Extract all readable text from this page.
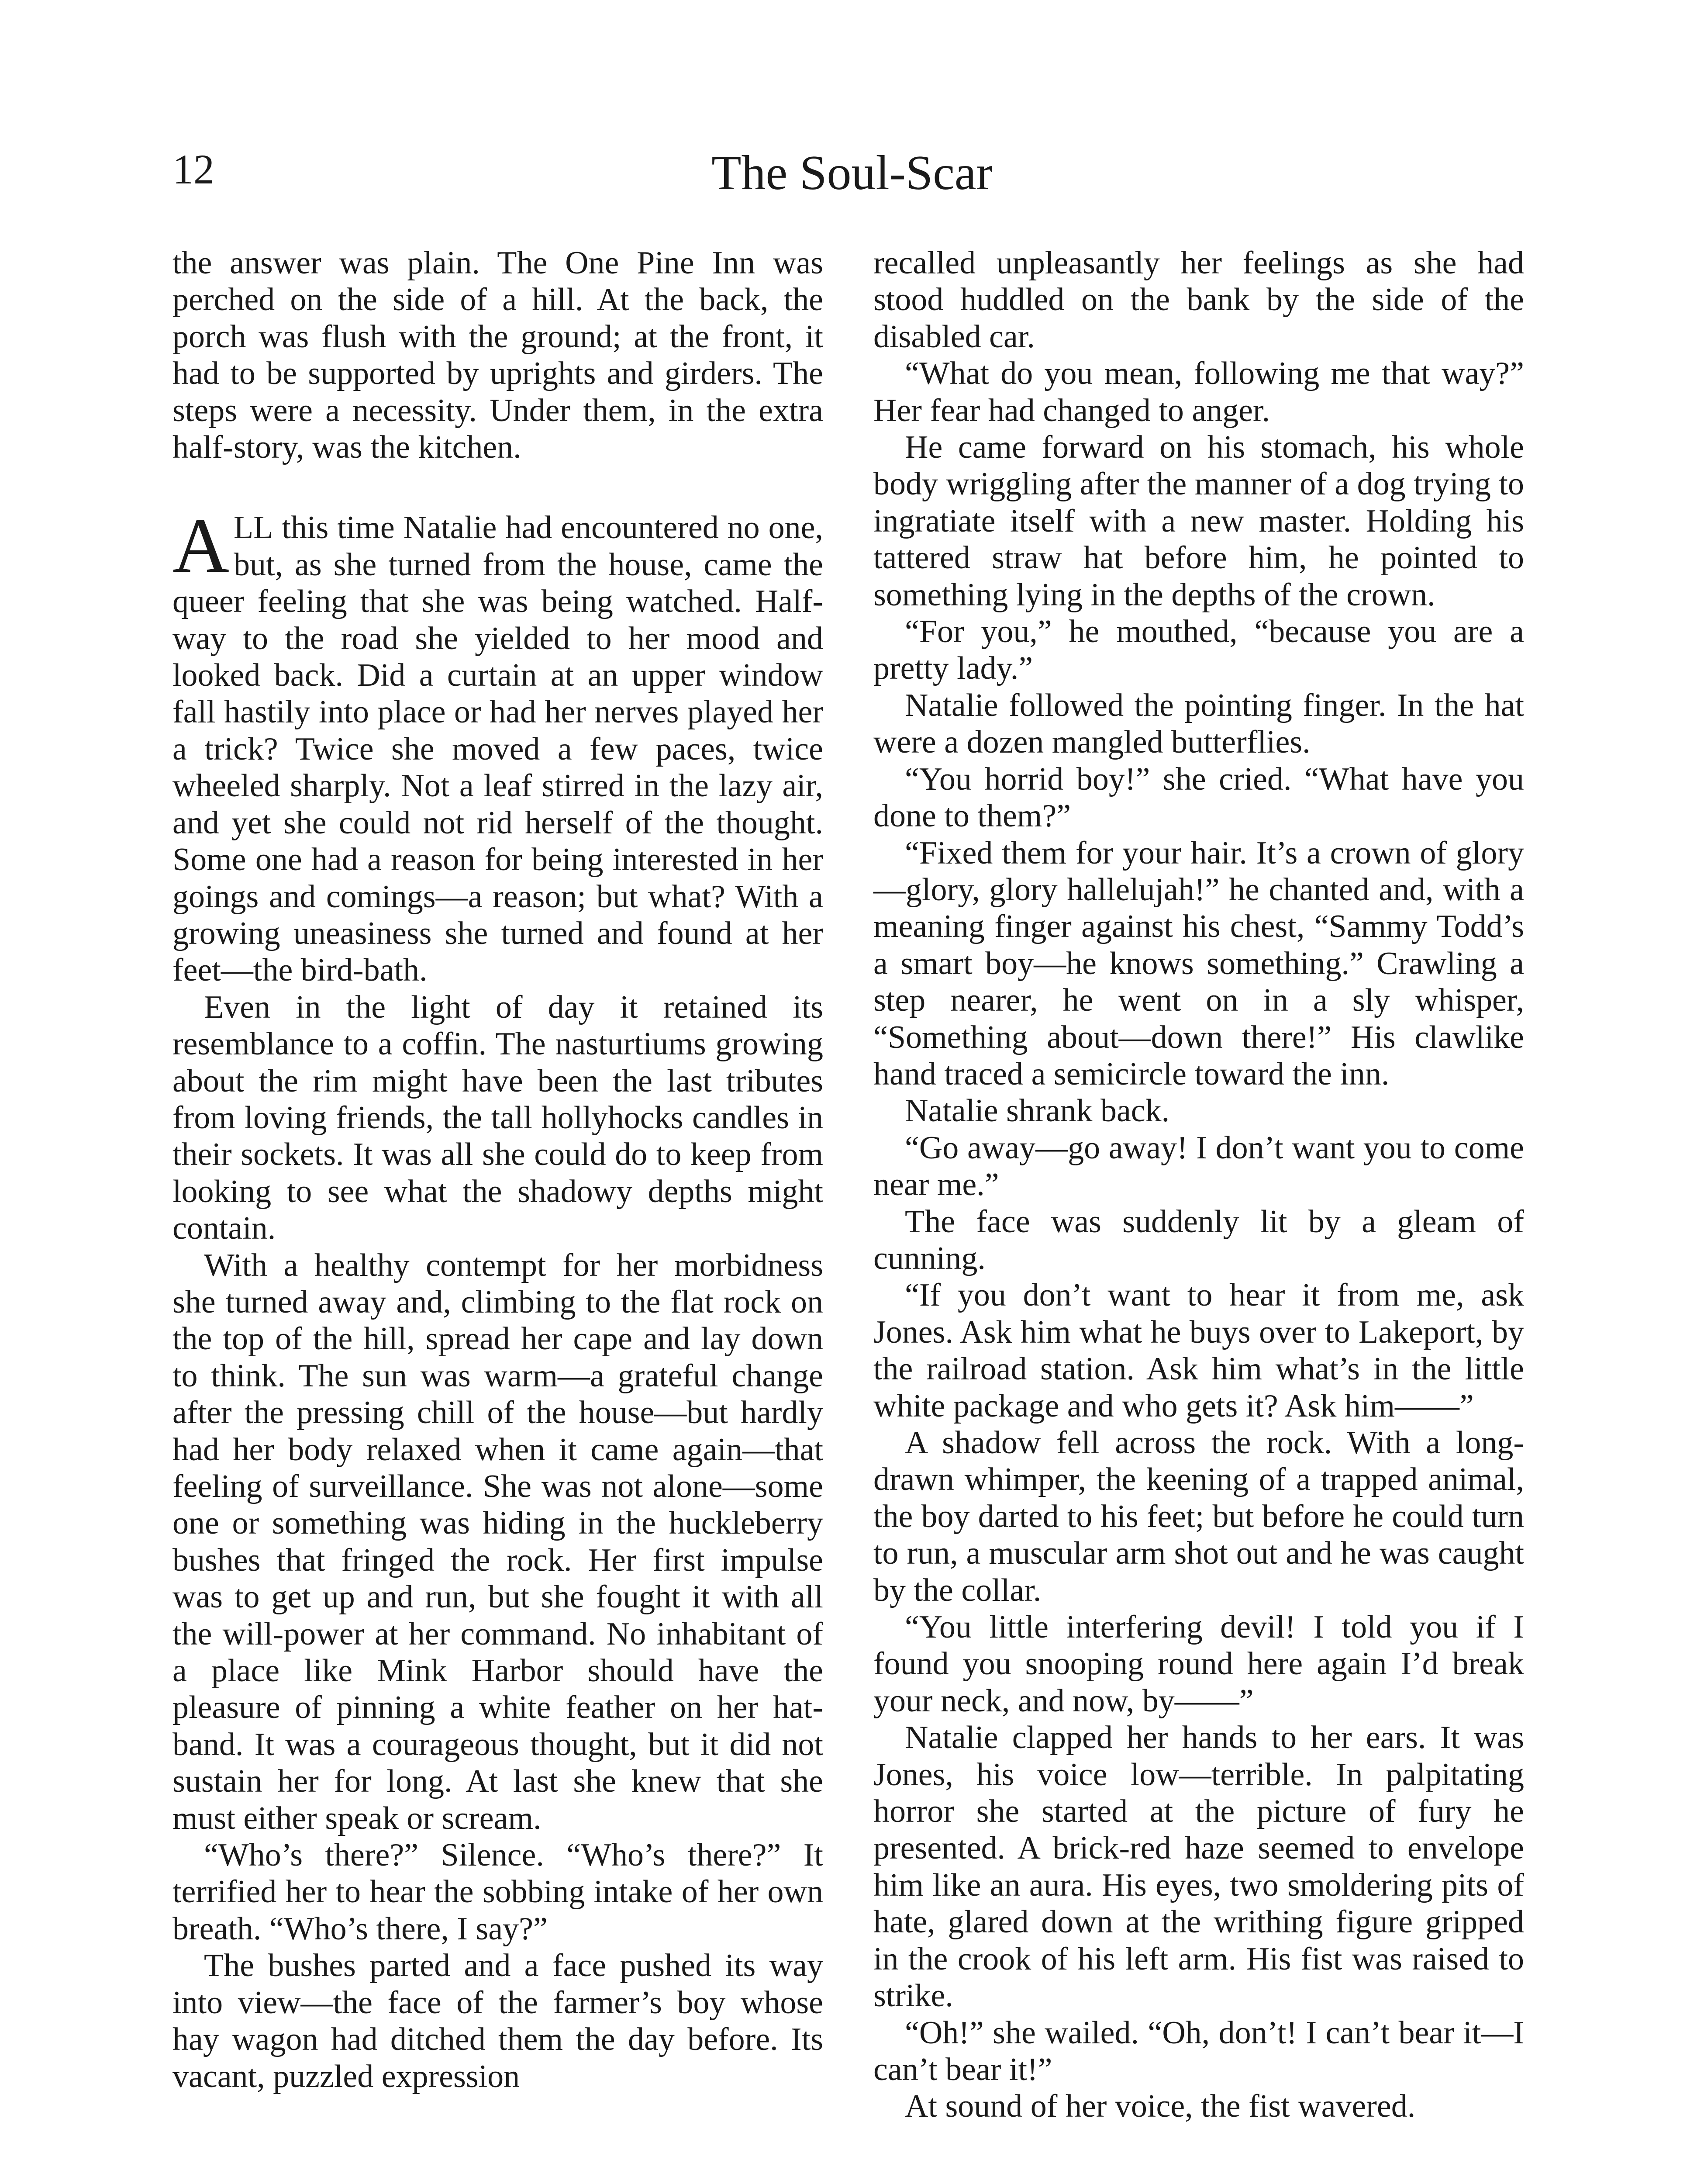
12	The Soul-Scar

the answer was plain. The One Pine Inn was perched on the side of a hill. At the back, the porch was flush with the ground; at the front, it had to be supported by uprights and girders. The steps were a necessity. Under them, in the extra half-story, was the kitchen.

ALL this time Natalie had encountered no one, but, as she turned from the house, came the queer feeling that she was being watched. Half-way to the road she yielded to her mood and looked back. Did a curtain at an upper window fall hastily into place or had her nerves played her a trick? Twice she moved a few paces, twice wheeled sharply. Not a leaf stirred in the lazy air, and yet she could not rid herself of the thought. Some one had a reason for being interested in her goings and comings—a reason; but what? With a growing uneasiness she turned and found at her feet—the bird-bath.

Even in the light of day it retained its resemblance to a coffin. The nasturtiums growing about the rim might have been the last tributes from loving friends, the tall hollyhocks candles in their sockets. It was all she could do to keep from looking to see what the shadowy depths might contain.

With a healthy contempt for her morbidness she turned away and, climbing to the flat rock on the top of the hill, spread her cape and lay down to think. The sun was warm—a grateful change after the pressing chill of the house—but hardly had her body relaxed when it came again—that feeling of surveillance. She was not alone—some one or something was hiding in the huckleberry bushes that fringed the rock. Her first impulse was to get up and run, but she fought it with all the will-power at her command. No inhabitant of a place like Mink Harbor should have the pleasure of pinning a white feather on her hat-band. It was a courageous thought, but it did not sustain her for long. At last she knew that she must either speak or scream.

“Who’s there?” Silence. “Who’s there?” It terrified her to hear the sobbing intake of her own breath. “Who’s there, I say?”

The bushes parted and a face pushed its way into view—the face of the farmer’s boy whose hay wagon had ditched them the day before. Its vacant, puzzled expression

recalled unpleasantly her feelings as she had stood huddled on the bank by the side of the disabled car.

“What do you mean, following me that way?” Her fear had changed to anger.

He came forward on his stomach, his whole body wriggling after the manner of a dog trying to ingratiate itself with a new master. Holding his tattered straw hat before him, he pointed to something lying in the depths of the crown.

“For you,” he mouthed, “because you are a pretty lady.”

Natalie followed the pointing finger. In the hat were a dozen mangled butterflies.

“You horrid boy!” she cried. “What have you done to them?”

“Fixed them for your hair. It’s a crown of glory—glory, glory hallelujah!” he chanted and, with a meaning finger against his chest, “Sammy Todd’s a smart boy—he knows something.” Crawling a step nearer, he went on in a sly whisper, “Something about—down there!” His clawlike hand traced a semicircle toward the inn.

Natalie shrank back.

“Go away—go away! I don’t want you to come near me.”

The face was suddenly lit by a gleam of cunning.

“If you don’t want to hear it from me, ask Jones. Ask him what he buys over to Lakeport, by the railroad station. Ask him what’s in the little white package and who gets it? Ask him——”

A shadow fell across the rock. With a long-drawn whimper, the keening of a trapped animal, the boy darted to his feet; but before he could turn to run, a muscular arm shot out and he was caught by the collar.

“You little interfering devil! I told you if I found you snooping round here again I’d break your neck, and now, by——”

Natalie clapped her hands to her ears. It was Jones, his voice low—terrible. In palpitating horror she started at the picture of fury he presented. A brick-red haze seemed to envelope him like an aura. His eyes, two smoldering pits of hate, glared down at the writhing figure gripped in the crook of his left arm. His fist was raised to strike.

“Oh!” she wailed. “Oh, don’t! I can’t bear it—I can’t bear it!”

At sound of her voice, the fist wavered.
